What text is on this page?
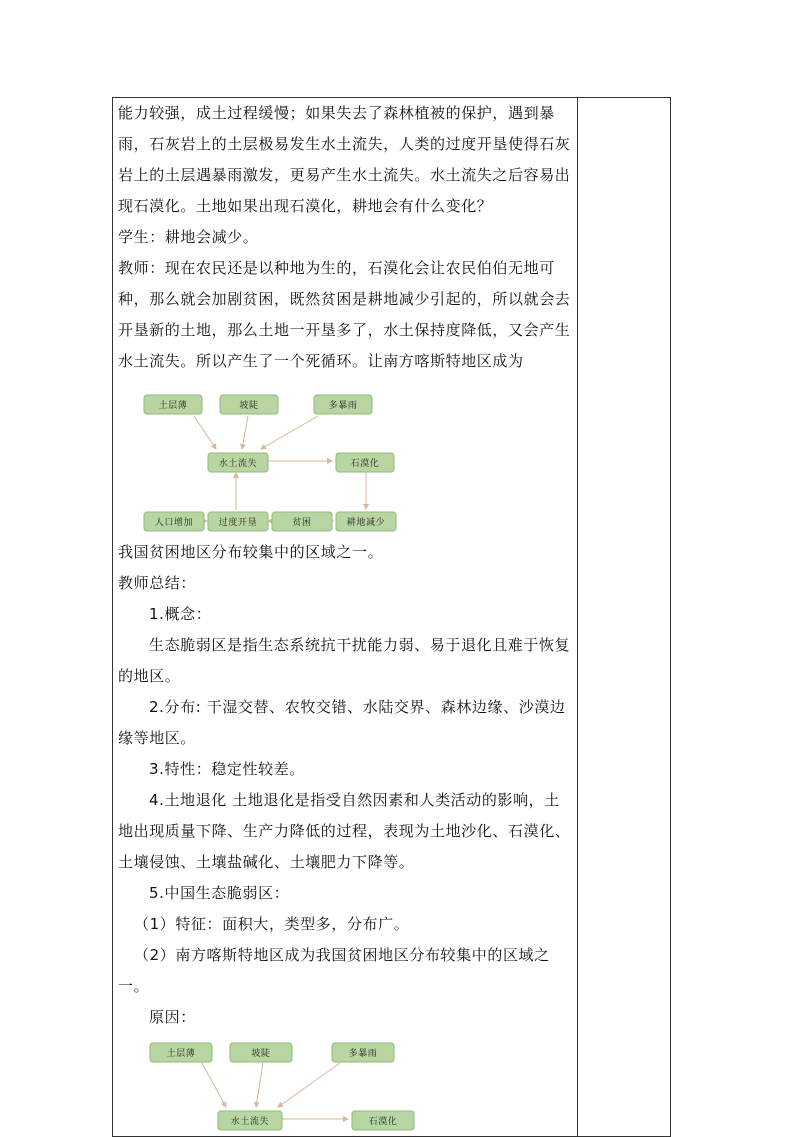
能力较强，成土过程缓慢；如果失去了森林植被的保护，遇到暴雨，石灰岩上的土层极易发生水土流失，人类的过度开垦使得石灰岩上的土层遇暴雨激发，更易产生水土流失。水土流失之后容易出现石漠化。土地如果出现石漠化，耕地会有什么变化？

学生：耕地会减少。

教师：现在农民还是以种地为生的，石漠化会让农民伯伯无地可种，那么就会加剧贫困，既然贫困是耕地减少引起的，所以就会去开垦新的土地，那么土地一开垦多了，水土保持度降低，又会产生水土流失。所以产生了一个死循环。让南方喀斯特地区成为

土层薄	坡陡	多暴雨
水土流失	石漠化
人口增加	过度开垦	贫困	耕地减少

我国贫困地区分布较集中的区域之一。

教师总结：

1.概念：

生态脆弱区是指生态系统抗干扰能力弱、易于退化且难于恢复的地区。

2.分布: 干湿交替、农牧交错、水陆交界、森林边缘、沙漠边缘等地区。

3.特性：稳定性较差。

4.土地退化 土地退化是指受自然因素和人类活动的影响，土地出现质量下降、生产力降低的过程，表现为土地沙化、石漠化、土壤侵蚀、土壤盐碱化、土壤肥力下降等。

5.中国生态脆弱区：

（1）特征：面积大，类型多，分布广。

（2）南方喀斯特地区成为我国贫困地区分布较集中的区域之一。

原因：

土层薄	坡陡	多暴雨
水土流失	石漠化
